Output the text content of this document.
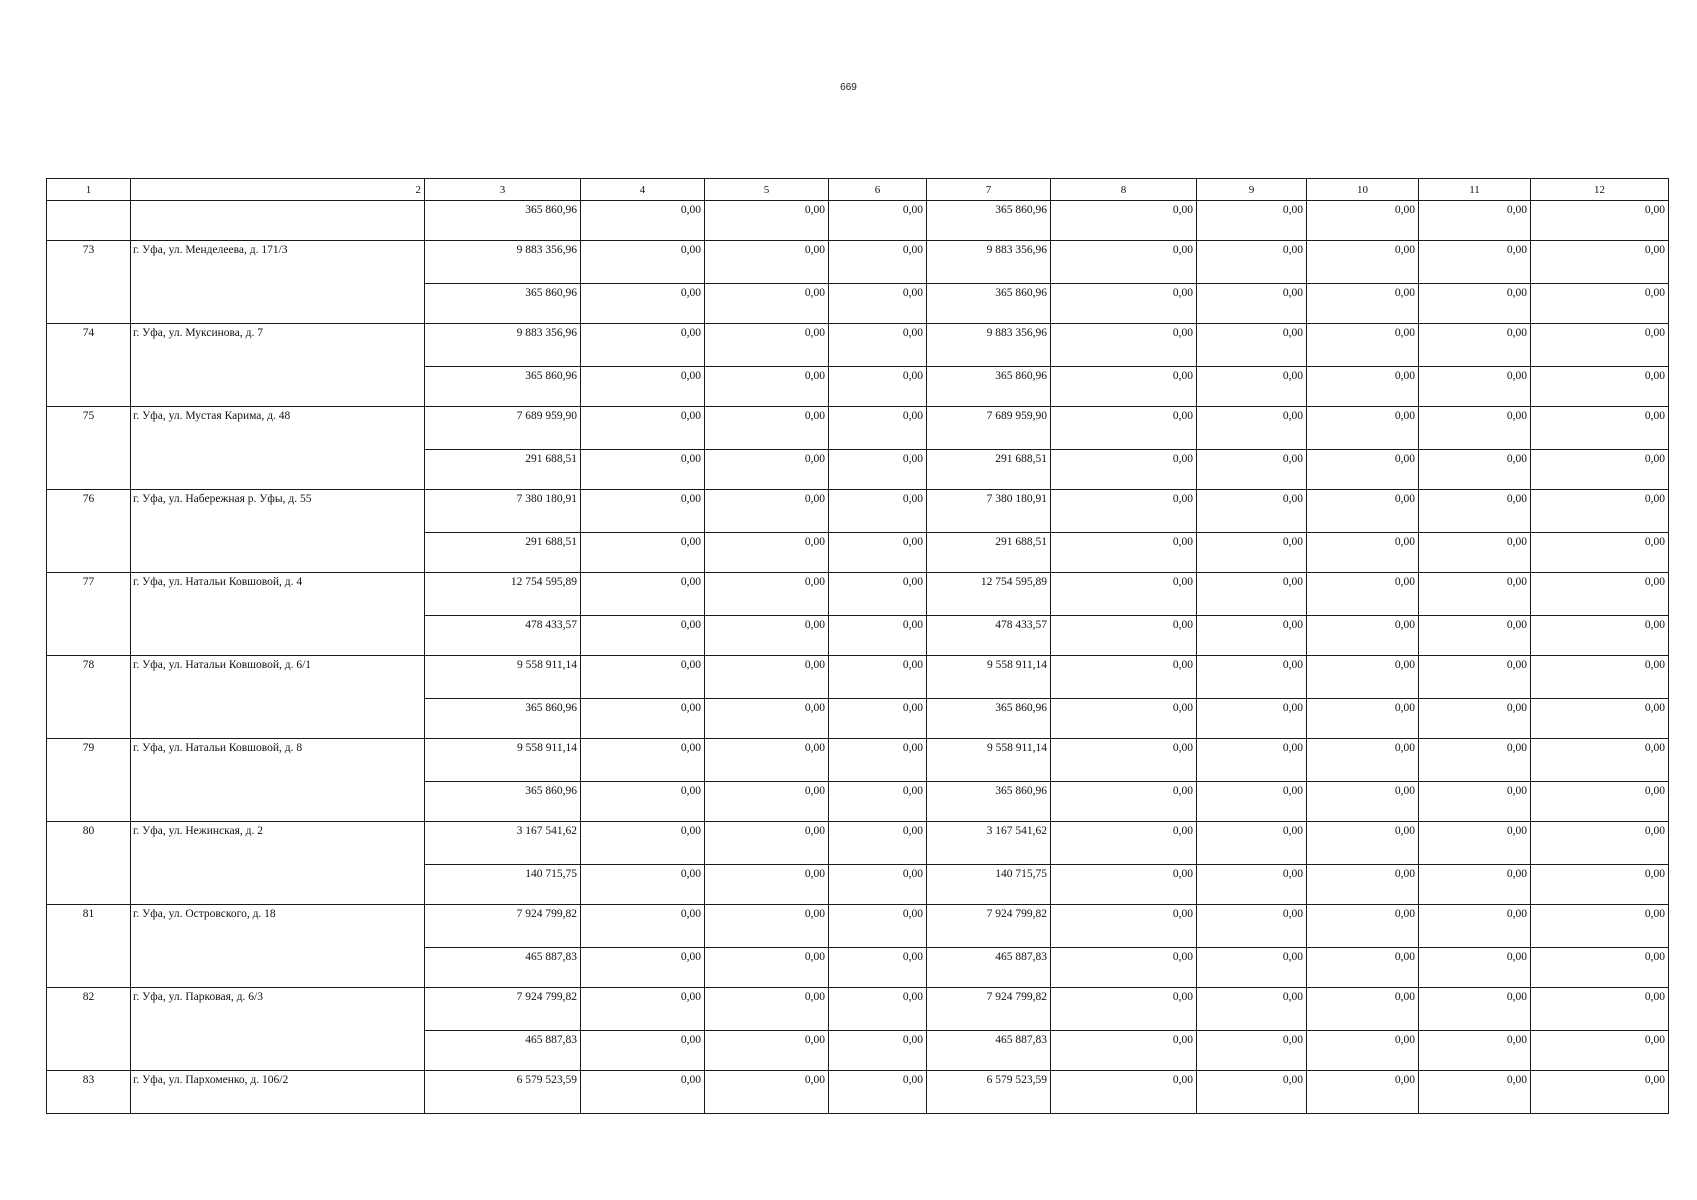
669
1	2	3	4	5	6	7	8	9	10	11	12
		365 860,96	0,00	0,00	0,00	365 860,96	0,00	0,00	0,00	0,00	0,00
73	г. Уфа, ул. Менделеева, д. 171/3	9 883 356,96	0,00	0,00	0,00	9 883 356,96	0,00	0,00	0,00	0,00	0,00
		365 860,96	0,00	0,00	0,00	365 860,96	0,00	0,00	0,00	0,00	0,00
74	г. Уфа, ул. Муксинова, д. 7	9 883 356,96	0,00	0,00	0,00	9 883 356,96	0,00	0,00	0,00	0,00	0,00
		365 860,96	0,00	0,00	0,00	365 860,96	0,00	0,00	0,00	0,00	0,00
75	г. Уфа, ул. Мустая Карима, д. 48	7 689 959,90	0,00	0,00	0,00	7 689 959,90	0,00	0,00	0,00	0,00	0,00
		291 688,51	0,00	0,00	0,00	291 688,51	0,00	0,00	0,00	0,00	0,00
76	г. Уфа, ул. Набережная р. Уфы, д. 55	7 380 180,91	0,00	0,00	0,00	7 380 180,91	0,00	0,00	0,00	0,00	0,00
		291 688,51	0,00	0,00	0,00	291 688,51	0,00	0,00	0,00	0,00	0,00
77	г. Уфа, ул. Натальи Ковшовой, д. 4	12 754 595,89	0,00	0,00	0,00	12 754 595,89	0,00	0,00	0,00	0,00	0,00
		478 433,57	0,00	0,00	0,00	478 433,57	0,00	0,00	0,00	0,00	0,00
78	г. Уфа, ул. Натальи Ковшовой, д. 6/1	9 558 911,14	0,00	0,00	0,00	9 558 911,14	0,00	0,00	0,00	0,00	0,00
		365 860,96	0,00	0,00	0,00	365 860,96	0,00	0,00	0,00	0,00	0,00
79	г. Уфа, ул. Натальи Ковшовой, д. 8	9 558 911,14	0,00	0,00	0,00	9 558 911,14	0,00	0,00	0,00	0,00	0,00
		365 860,96	0,00	0,00	0,00	365 860,96	0,00	0,00	0,00	0,00	0,00
80	г. Уфа, ул. Нежинская, д. 2	3 167 541,62	0,00	0,00	0,00	3 167 541,62	0,00	0,00	0,00	0,00	0,00
		140 715,75	0,00	0,00	0,00	140 715,75	0,00	0,00	0,00	0,00	0,00
81	г. Уфа, ул. Островского, д. 18	7 924 799,82	0,00	0,00	0,00	7 924 799,82	0,00	0,00	0,00	0,00	0,00
		465 887,83	0,00	0,00	0,00	465 887,83	0,00	0,00	0,00	0,00	0,00
82	г. Уфа, ул. Парковая, д. 6/3	7 924 799,82	0,00	0,00	0,00	7 924 799,82	0,00	0,00	0,00	0,00	0,00
		465 887,83	0,00	0,00	0,00	465 887,83	0,00	0,00	0,00	0,00	0,00
83	г. Уфа, ул. Пархоменко, д. 106/2	6 579 523,59	0,00	0,00	0,00	6 579 523,59	0,00	0,00	0,00	0,00	0,00
